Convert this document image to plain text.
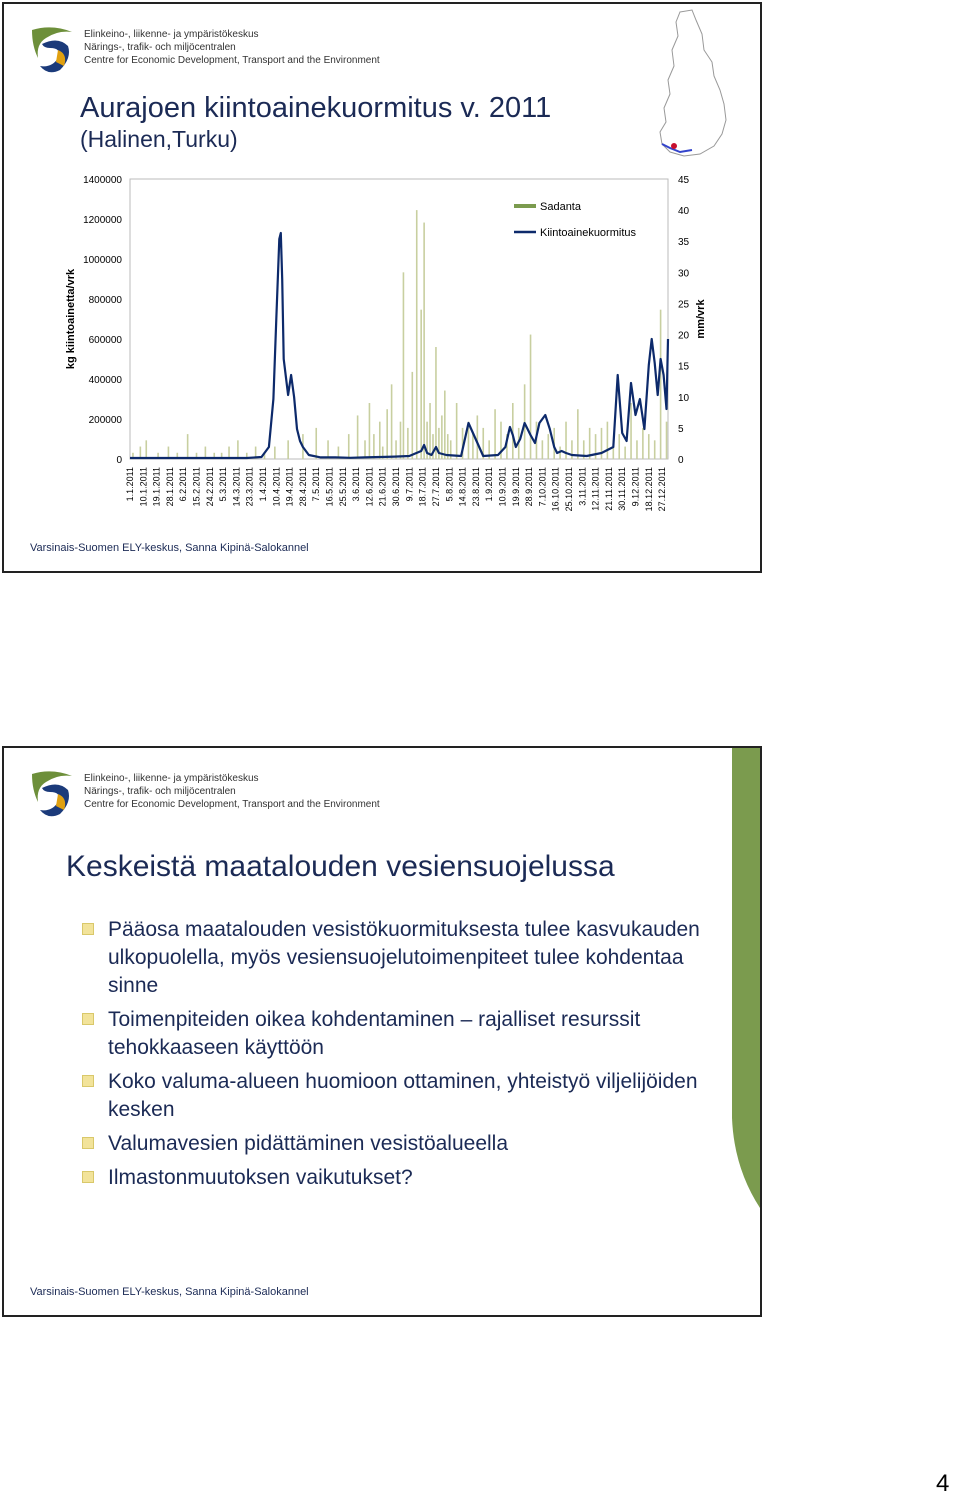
Elinkeino-, liikenne- ja ympäristökeskus
Närings-, trafik- och miljöcentralen
Centre for Economic Development, Transport and the Environment
Aurajoen kiintoainekuormitus v. 2011
(Halinen,Turku)
0
200000
400000
600000
800000
1000000
1200000
1400000
0
5
10
15
20
25
30
35
40
45
kg kiintoainetta/vrk	mm/vrk
1.1.2011 10.1.2011 19.1.2011 28.1.2011 6.2.2011 15.2.2011 24.2.2011 5.3.2011 14.3.2011 23.3.2011 1.4.2011 10.4.2011 19.4.2011 28.4.2011 7.5.2011 16.5.2011 25.5.2011 3.6.2011 12.6.2011 21.6.2011 30.6.2011 9.7.2011 18.7.2011 27.7.2011 5.8.2011 14.8.2011 23.8.2011 1.9.2011 10.9.2011 19.9.2011 28.9.2011 7.10.2011 16.10.2011 25.10.2011 3.11.2011 12.11.2011 21.11.2011 30.11.2011 9.12.2011 18.12.2011 27.12.2011
Sadanta
Kiintoainekuormitus
Varsinais-Suomen ELY-keskus, Sanna Kipinä-Salokannel
Elinkeino-, liikenne- ja ympäristökeskus
Närings-, trafik- och miljöcentralen
Centre for Economic Development, Transport and the Environment
Keskeistä maatalouden vesiensuojelussa
Pääosa maatalouden vesistökuormituksesta tulee kasvukauden ulkopuolella, myös vesiensuojelutoimenpiteet tulee kohdentaa sinne
Toimenpiteiden oikea kohdentaminen – rajalliset resurssit tehokkaaseen käyttöön
Koko valuma-alueen huomioon ottaminen, yhteistyö viljelijöiden kesken
Valumavesien pidättäminen vesistöalueella
Ilmastonmuutoksen vaikutukset?
Varsinais-Suomen ELY-keskus, Sanna Kipinä-Salokannel
4
